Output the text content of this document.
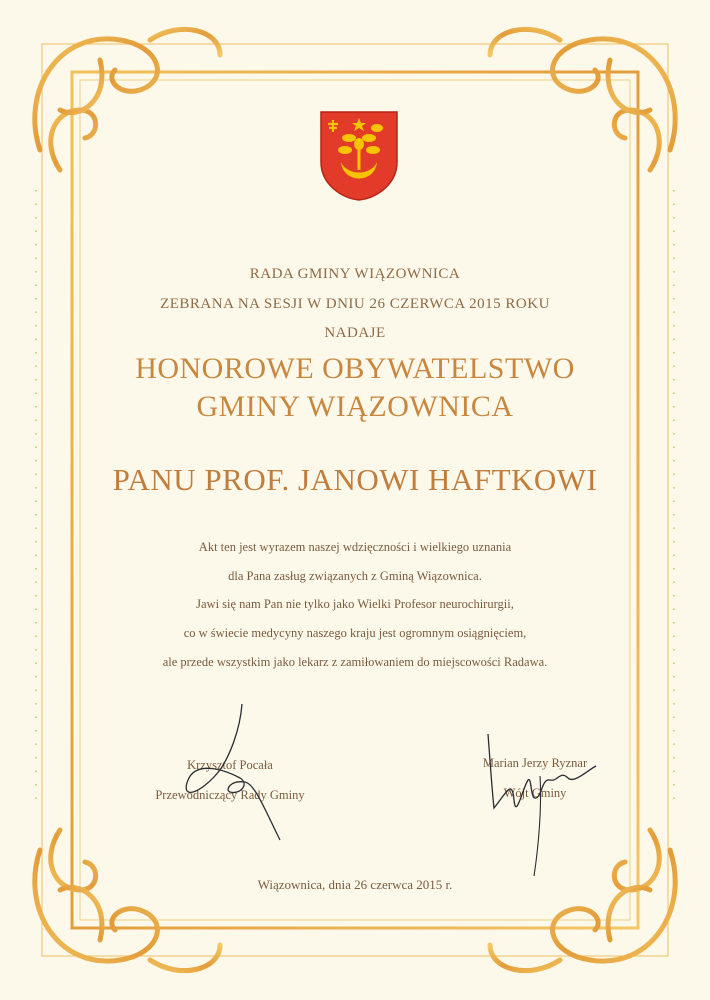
RADA GMINY WIĄZOWNICA
ZEBRANA NA SESJI W DNIU 26 CZERWCA 2015 ROKU
NADAJE
HONOROWE OBYWATELSTWO
GMINY WIĄZOWNICA
PANU PROF. JANOWI HAFTKOWI
Akt ten jest wyrazem naszej wdzięczności i wielkiego uznania
dla Pana zasług związanych z Gminą Wiązownica.
Jawi się nam Pan nie tylko jako Wielki Profesor neurochirurgii,
co w świecie medycyny naszego kraju jest ogromnym osiągnięciem,
ale przede wszystkim jako lekarz z zamiłowaniem do miejscowości Radawa.
Krzysztof Pocała
Przewodniczący Rady Gminy
Marian Jerzy Ryznar
Wójt Gminy
Wiązownica, dnia 26 czerwca 2015 r.
